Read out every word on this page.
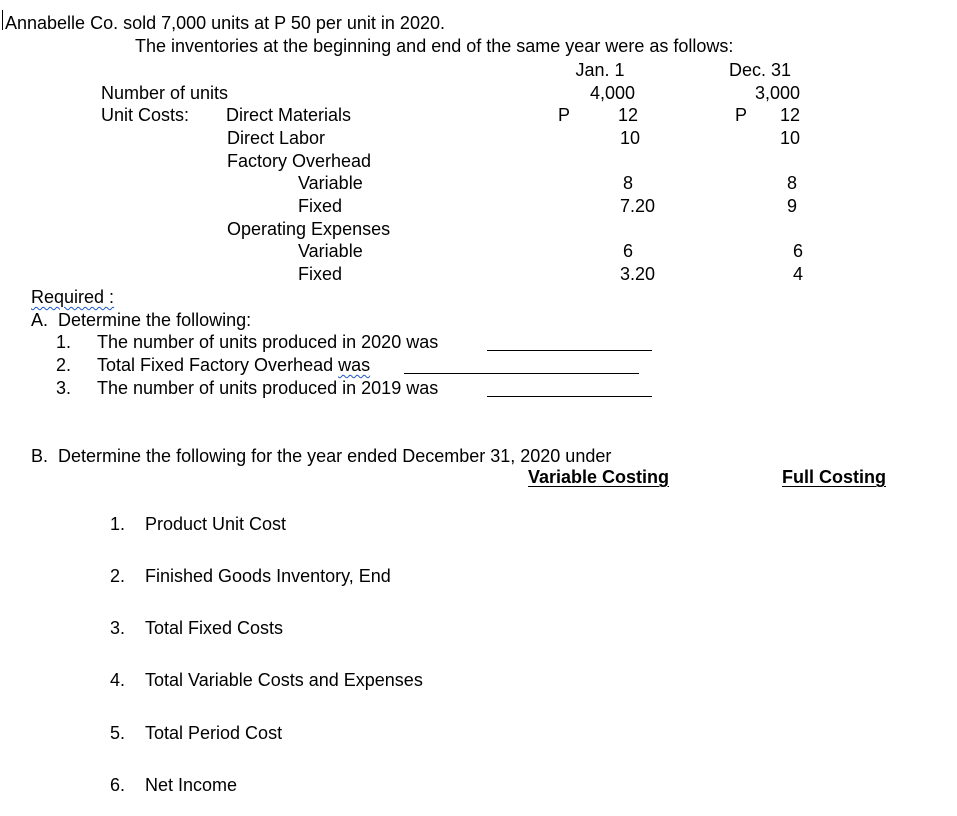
Annabelle Co. sold 7,000 units at P 50 per unit in 2020.
The inventories at the beginning and end of the same year were as follows:
Jan. 1	Dec. 31
Number of units	4,000	3,000
Unit Costs: Direct Materials	P	12	P	12
Direct Labor	10	10
Factory Overhead
Variable	8	8
Fixed	7.20	9
Operating Expenses
Variable	6	6
Fixed	3.20	4
Required :
A.  Determine the following:
1. The number of units produced in 2020 was
2. Total Fixed Factory Overhead was
3. The number of units produced in 2019 was
B.  Determine the following for the year ended December 31, 2020 under
Variable Costing	Full Costing
1. Product Unit Cost
2. Finished Goods Inventory, End
3. Total Fixed Costs
4. Total Variable Costs and Expenses
5. Total Period Cost
6. Net Income
